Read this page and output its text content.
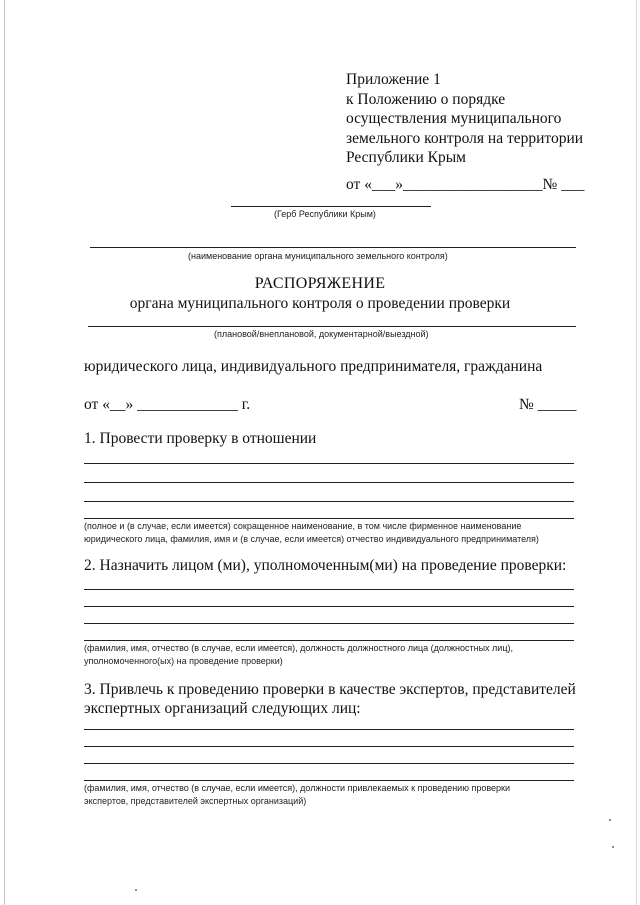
Приложение 1
к Положению о порядке
осуществления муниципального
земельного контроля на территории
Республики Крым
от «___»__________________№ ___
(Герб Республики Крым)
(наименование органа муниципального земельного контроля)
РАСПОРЯЖЕНИЕ
органа муниципального контроля о проведении проверки
(плановой/внеплановой, документарной/выездной)
юридического лица, индивидуального предпринимателя, гражданина
от «__» _____________ г.	№ _____
1. Провести проверку в отношении
(полное и (в случае, если имеется) сокращенное наименование, в том числе фирменное наименование
юридического лица, фамилия, имя и (в случае, если имеется) отчество индивидуального предпринимателя)
2. Назначить лицом (ми), уполномоченным(ми) на проведение проверки:
(фамилия, имя, отчество (в случае, если имеется), должность должностного лица (должностных лиц),
уполномоченного(ых) на проведение проверки)
3. Привлечь к проведению проверки в качестве экспертов, представителей
экспертных организаций следующих лиц:
(фамилия, имя, отчество (в случае, если имеется), должности привлекаемых к проведению проверки
экспертов, представителей экспертных организаций)
